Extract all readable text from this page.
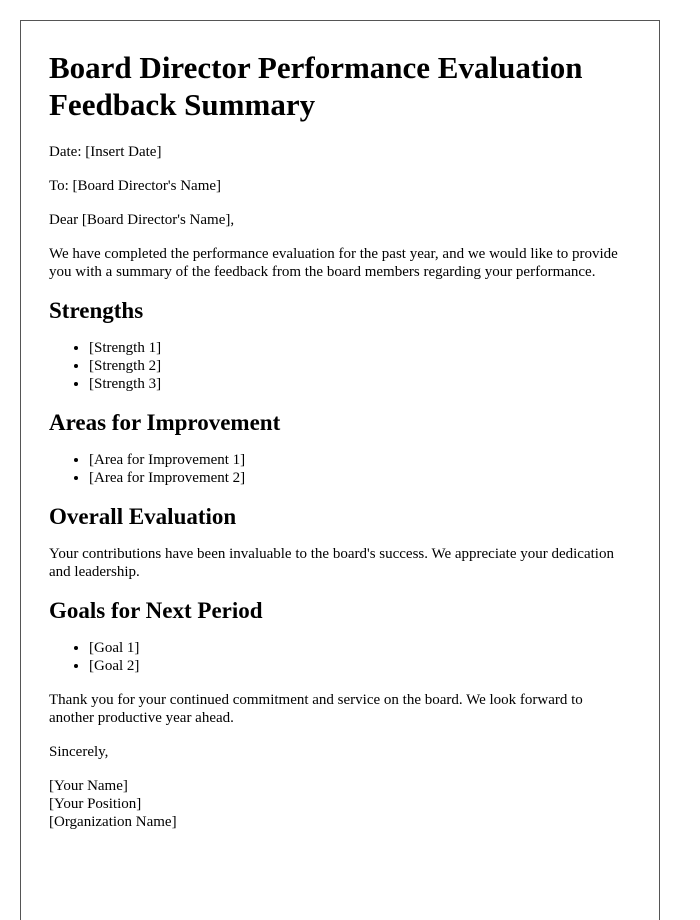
Board Director Performance Evaluation Feedback Summary

Date: [Insert Date]

To: [Board Director's Name]

Dear [Board Director's Name],

We have completed the performance evaluation for the past year, and we would like to provide you with a summary of the feedback from the board members regarding your performance.

Strengths
• [Strength 1]
• [Strength 2]
• [Strength 3]
Areas for Improvement
• [Area for Improvement 1]
• [Area for Improvement 2]
Overall Evaluation

Your contributions have been invaluable to the board's success. We appreciate your dedication and leadership.

Goals for Next Period
• [Goal 1]
• [Goal 2]

Thank you for your continued commitment and service on the board. We look forward to another productive year ahead.

Sincerely,

[Your Name]
[Your Position]
[Organization Name]
